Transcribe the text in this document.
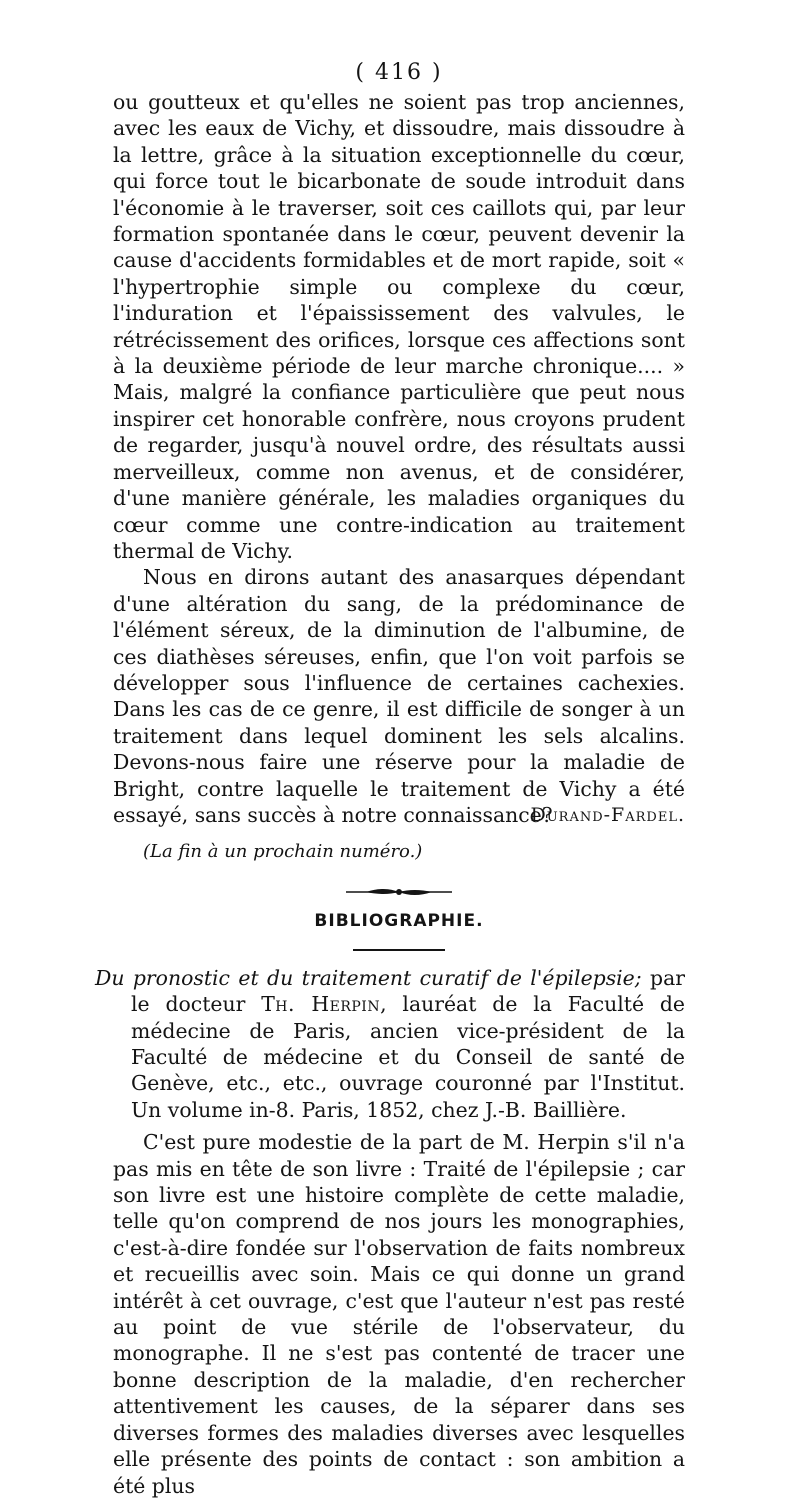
( 416 )

ou goutteux et qu'elles ne soient pas trop anciennes, avec les eaux de Vichy, et dissoudre, mais dissoudre à la lettre, grâce à la situation exceptionnelle du cœur, qui force tout le bicarbonate de soude introduit dans l'économie à le traverser, soit ces caillots qui, par leur formation spontanée dans le cœur, peuvent devenir la cause d'accidents formidables et de mort rapide, soit « l'hypertrophie simple ou complexe du cœur, l'induration et l'épaississement des valvules, le rétrécissement des orifices, lorsque ces affections sont à la deuxième période de leur marche chronique.... » Mais, malgré la confiance particulière que peut nous inspirer cet honorable confrère, nous croyons prudent de regarder, jusqu'à nouvel ordre, des résultats aussi merveilleux, comme non avenus, et de considérer, d'une manière générale, les maladies organiques du cœur comme une contre-indication au traitement thermal de Vichy.

Nous en dirons autant des anasarques dépendant d'une altération du sang, de la prédominance de l'élément séreux, de la diminution de l'albumine, de ces diathèses séreuses, enfin, que l'on voit parfois se développer sous l'influence de certaines cachexies. Dans les cas de ce genre, il est difficile de songer à un traitement dans lequel dominent les sels alcalins. Devons-nous faire une réserve pour la maladie de Bright, contre laquelle le traitement de Vichy a été essayé, sans succès à notre connaissance?

Durand-Fardel.

(La fin à un prochain numéro.)

BIBLIOGRAPHIE.

Du pronostic et du traitement curatif de l'épilepsie; par le docteur Th. Herpin, lauréat de la Faculté de médecine de Paris, ancien vice-président de la Faculté de médecine et du Conseil de santé de Genève, etc., etc., ouvrage couronné par l'Institut. Un volume in-8. Paris, 1852, chez J.-B. Baillière.

C'est pure modestie de la part de M. Herpin s'il n'a pas mis en tête de son livre : Traité de l'épilepsie ; car son livre est une histoire complète de cette maladie, telle qu'on comprend de nos jours les monographies, c'est-à-dire fondée sur l'observation de faits nombreux et recueillis avec soin. Mais ce qui donne un grand intérêt à cet ouvrage, c'est que l'auteur n'est pas resté au point de vue stérile de l'observateur, du monographe. Il ne s'est pas contenté de tracer une bonne description de la maladie, d'en rechercher attentivement les causes, de la séparer dans ses diverses formes des maladies diverses avec lesquelles elle présente des points de contact : son ambition a été plus
